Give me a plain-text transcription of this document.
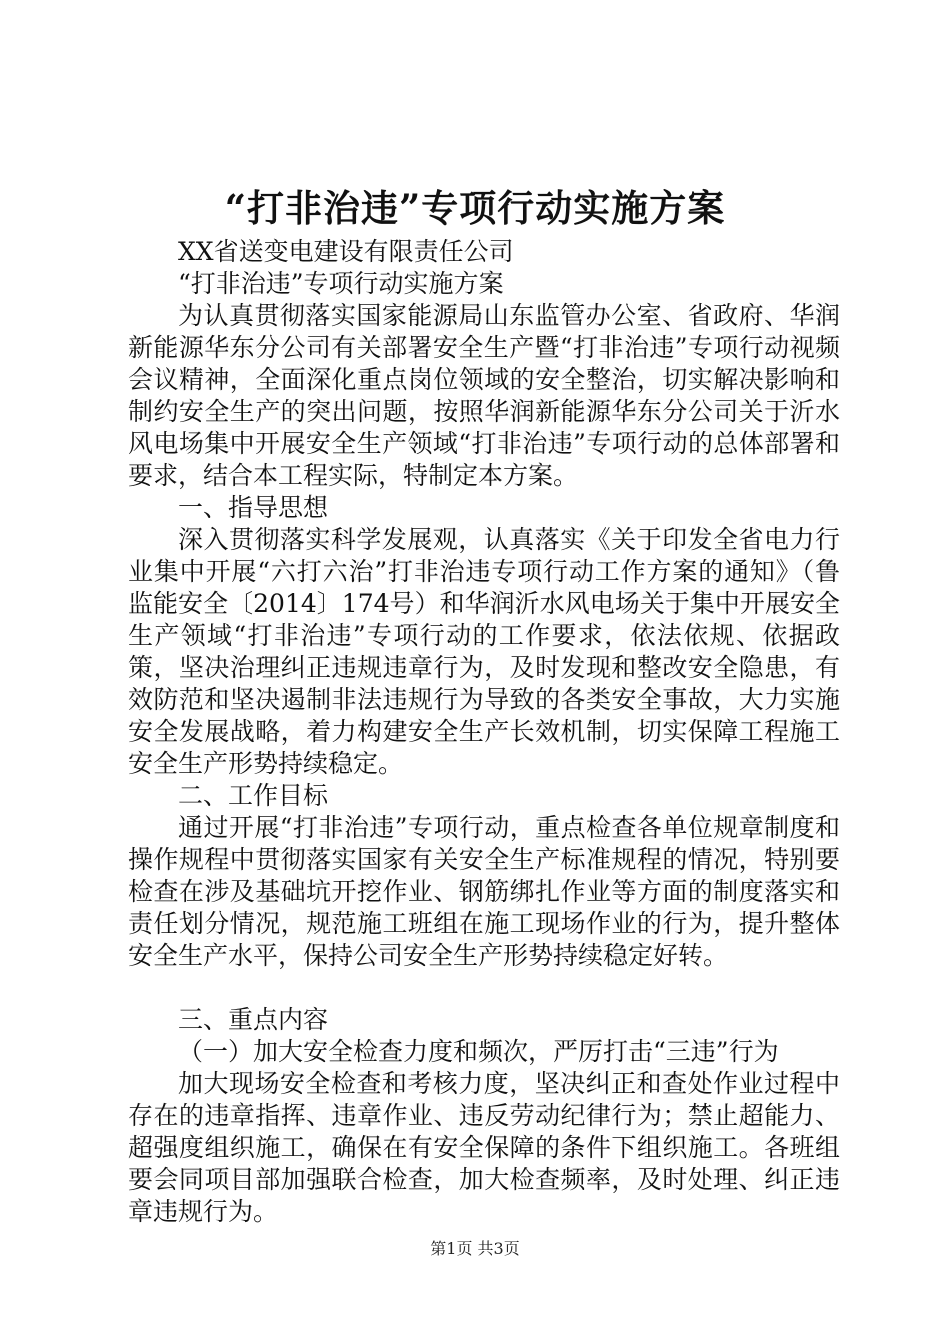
“打非治违”专项行动实施方案

XX省送变电建设有限责任公司

“打非治违”专项行动实施方案

为认真贯彻落实国家能源局山东监管办公室、省政府、华润新能源华东分公司有关部署安全生产暨“打非治违”专项行动视频会议精神，全面深化重点岗位领域的安全整治，切实解决影响和制约安全生产的突出问题，按照华润新能源华东分公司关于沂水风电场集中开展安全生产领域“打非治违”专项行动的总体部署和要求，结合本工程实际，特制定本方案。

一、指导思想

深入贯彻落实科学发展观，认真落实《关于印发全省电力行业集中开展“六打六治”打非治违专项行动工作方案的通知》（鲁监能安全〔2014〕174号）和华润沂水风电场关于集中开展安全生产领域“打非治违”专项行动的工作要求，依法依规、依据政策，坚决治理纠正违规违章行为，及时发现和整改安全隐患，有效防范和坚决遏制非法违规行为导致的各类安全事故，大力实施安全发展战略，着力构建安全生产长效机制，切实保障工程施工安全生产形势持续稳定。

二、工作目标

通过开展“打非治违”专项行动，重点检查各单位规章制度和操作规程中贯彻落实国家有关安全生产标准规程的情况，特别要检查在涉及基础坑开挖作业、钢筋绑扎作业等方面的制度落实和责任划分情况，规范施工班组在施工现场作业的行为，提升整体安全生产水平，保持公司安全生产形势持续稳定好转。

三、重点内容

（一）加大安全检查力度和频次，严厉打击“三违”行为

加大现场安全检查和考核力度，坚决纠正和查处作业过程中存在的违章指挥、违章作业、违反劳动纪律行为；禁止超能力、超强度组织施工，确保在有安全保障的条件下组织施工。各班组要会同项目部加强联合检查，加大检查频率，及时处理、纠正违章违规行为。

第1页 共3页
